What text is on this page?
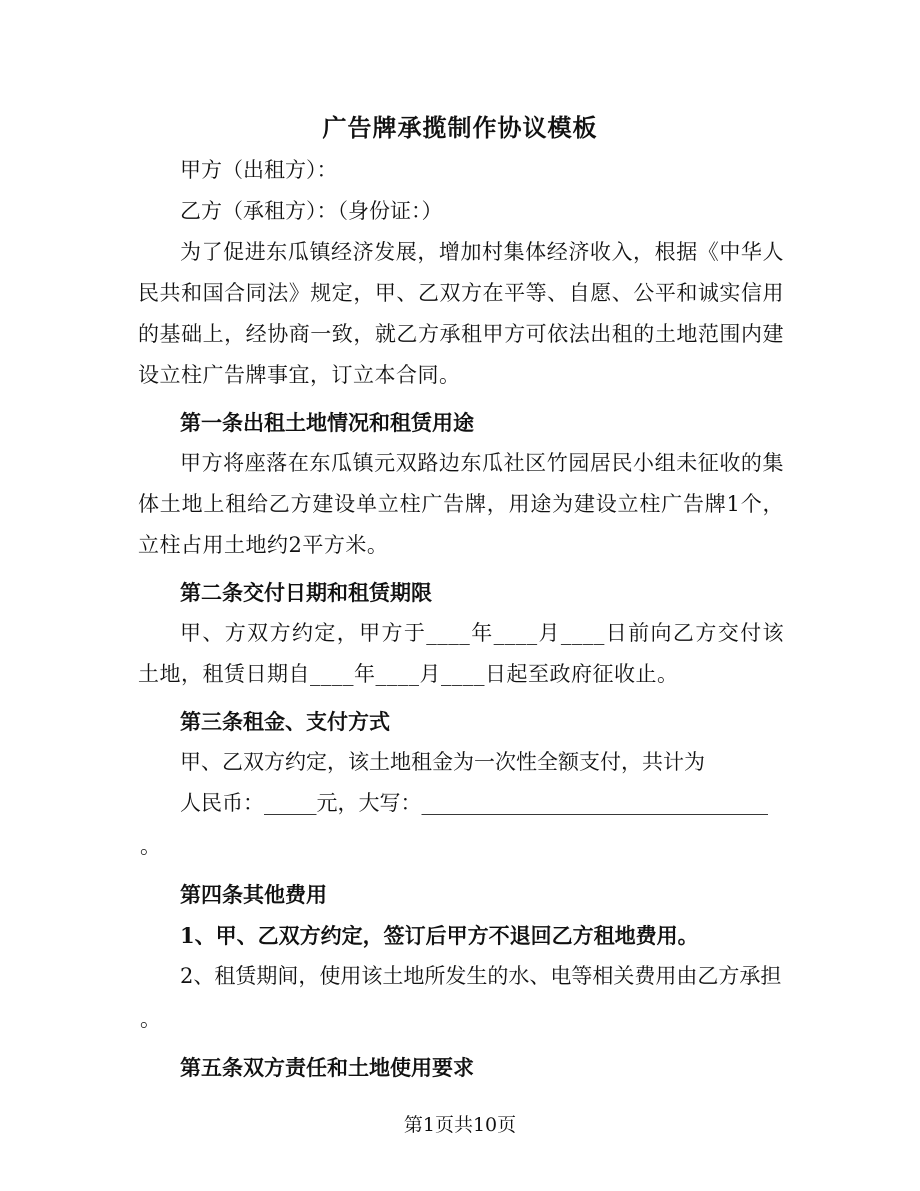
广告牌承揽制作协议模板

甲方（出租方）：

乙方（承租方）：（身份证：）

为了促进东瓜镇经济发展，增加村集体经济收入，根据《中华人民共和国合同法》规定，甲、乙双方在平等、自愿、公平和诚实信用的基础上，经协商一致，就乙方承租甲方可依法出租的土地范围内建设立柱广告牌事宜，订立本合同。

第一条出租土地情况和租赁用途

甲方将座落在东瓜镇元双路边东瓜社区竹园居民小组未征收的集体土地上租给乙方建设单立柱广告牌，用途为建设立柱广告牌1个，立柱占用土地约2平方米。

第二条交付日期和租赁期限

甲、方双方约定，甲方于____年____月____日前向乙方交付该土地，租赁日期自____年____月____日起至政府征收止。

第三条租金、支付方式

甲、乙双方约定，该土地租金为一次性全额支付，共计为

人民币：_____元，大写：_________________________________

。

第四条其他费用

1、甲、乙双方约定，签订后甲方不退回乙方租地费用。

2、租赁期间，使用该土地所发生的水、电等相关费用由乙方承担

。

第五条双方责任和土地使用要求

第1页共10页
